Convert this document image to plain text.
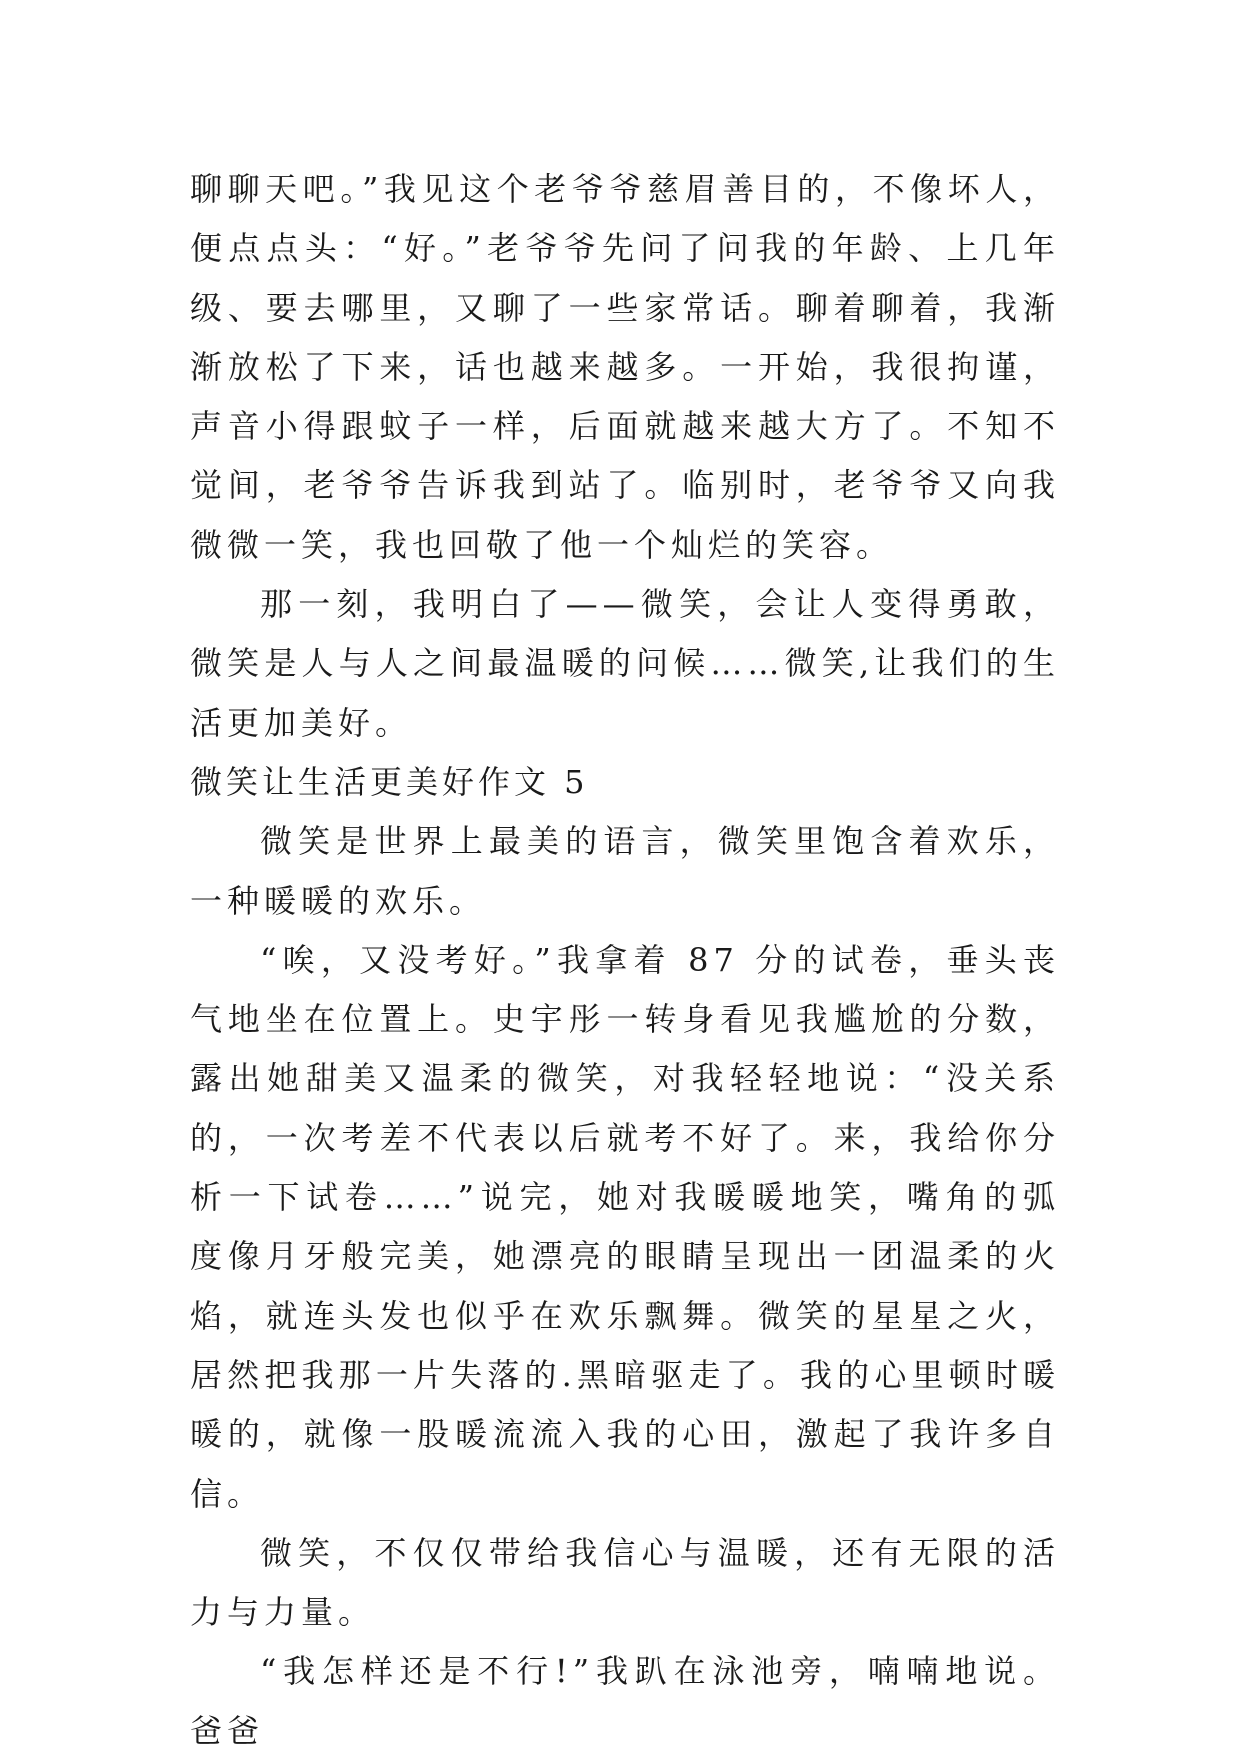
聊聊天吧。”我见这个老爷爷慈眉善目的，不像坏人，便点点头：“好。”老爷爷先问了问我的年龄、上几年级、要去哪里，又聊了一些家常话。聊着聊着，我渐渐放松了下来，话也越来越多。一开始，我很拘谨，声音小得跟蚊子一样，后面就越来越大方了。不知不觉间，老爷爷告诉我到站了。临别时，老爷爷又向我微微一笑，我也回敬了他一个灿烂的笑容。

那一刻，我明白了——微笑，会让人变得勇敢，微笑是人与人之间最温暖的问候……微笑,让我们的生活更加美好。

微笑让生活更美好作文 5

微笑是世界上最美的语言，微笑里饱含着欢乐，一种暖暖的欢乐。

“唉，又没考好。”我拿着 87 分的试卷，垂头丧气地坐在位置上。史宇彤一转身看见我尴尬的分数，露出她甜美又温柔的微笑，对我轻轻地说：“没关系的，一次考差不代表以后就考不好了。来，我给你分析一下试卷……”说完，她对我暖暖地笑，嘴角的弧度像月牙般完美，她漂亮的眼睛呈现出一团温柔的火焰，就连头发也似乎在欢乐飘舞。微笑的星星之火，居然把我那一片失落的.黑暗驱走了。我的心里顿时暖暖的，就像一股暖流流入我的心田，激起了我许多自信。

微笑，不仅仅带给我信心与温暖，还有无限的活力与力量。

“我怎样还是不行!”我趴在泳池旁，喃喃地说。爸爸
